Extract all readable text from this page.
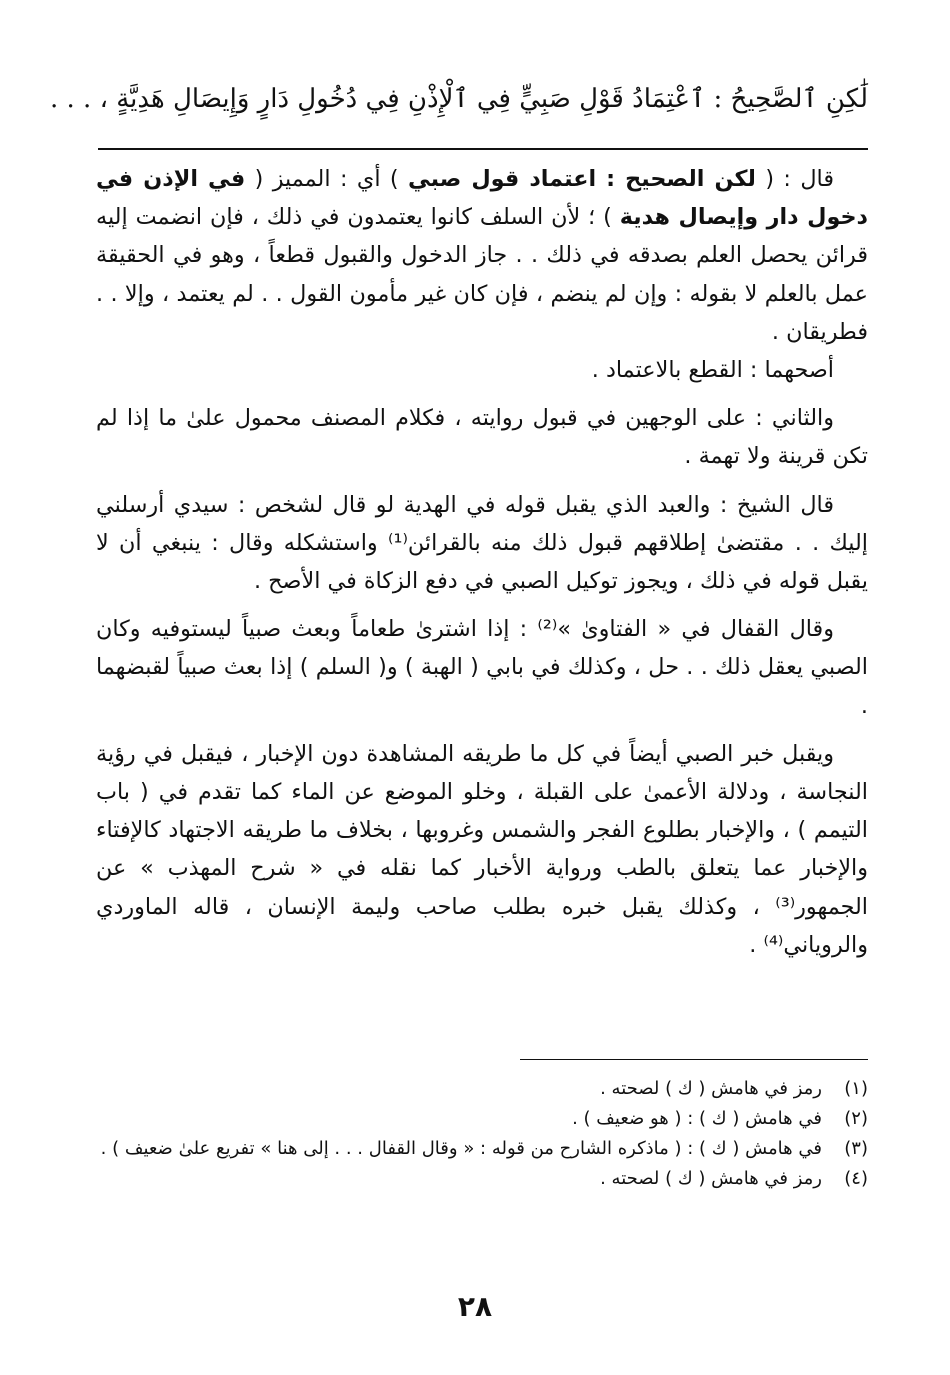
لَٰكِنِ ٱلصَّحِيحُ : ٱعْتِمَادُ قَوْلِ صَبِيٍّ فِي ٱلْإِذْنِ فِي دُخُولِ دَارٍ وَإِيصَالِ هَدِيَّةٍ ، . . .

قال : ( لكن الصحيح : اعتماد قول صبي ) أي : المميز ( في الإذن في دخول دار وإيصال هدية ) ؛ لأن السلف كانوا يعتمدون في ذلك ، فإن انضمت إليه قرائن يحصل العلم بصدقه في ذلك . . جاز الدخول والقبول قطعاً ، وهو في الحقيقة عمل بالعلم لا بقوله : وإن لم ينضم ، فإن كان غير مأمون القول . . لم يعتمد ، وإلا . . فطريقان .

أصحهما : القطع بالاعتماد .

والثاني : على الوجهين في قبول روايته ، فكلام المصنف محمول علىٰ ما إذا لم تكن قرينة ولا تهمة .

قال الشيخ : والعبد الذي يقبل قوله في الهدية لو قال لشخص : سيدي أرسلني إليك . . مقتضىٰ إطلاقهم قبول ذلك منه بالقرائن⁽¹⁾ واستشكله وقال : ينبغي أن لا يقبل قوله في ذلك ، ويجوز توكيل الصبي في دفع الزكاة في الأصح .

وقال القفال في « الفتاوىٰ »⁽²⁾ : إذا اشترىٰ طعاماً وبعث صبياً ليستوفيه وكان الصبي يعقل ذلك . . حل ، وكذلك في بابي ( الهبة ) و( السلم ) إذا بعث صبياً لقبضهما .

ويقبل خبر الصبي أيضاً في كل ما طريقه المشاهدة دون الإخبار ، فيقبل في رؤية النجاسة ، ودلالة الأعمىٰ على القبلة ، وخلو الموضع عن الماء كما تقدم في ( باب التيمم ) ، والإخبار بطلوع الفجر والشمس وغروبها ، بخلاف ما طريقه الاجتهاد كالإفتاء والإخبار عما يتعلق بالطب ورواية الأخبار كما نقله في « شرح المهذب » عن الجمهور⁽³⁾ ، وكذلك يقبل خبره بطلب صاحب وليمة الإنسان ، قاله الماوردي والروياني⁽⁴⁾ .

(١)
رمز في هامش ( ك ) لصحته .

(٢)
في هامش ( ك ) : ( هو ضعيف ) .

(٣)
في هامش ( ك ) : ( ماذكره الشارح من قوله : « وقال القفال . . . إلى هنا » تفريع علىٰ ضعيف ) .

(٤)
رمز في هامش ( ك ) لصحته .

٢٨
